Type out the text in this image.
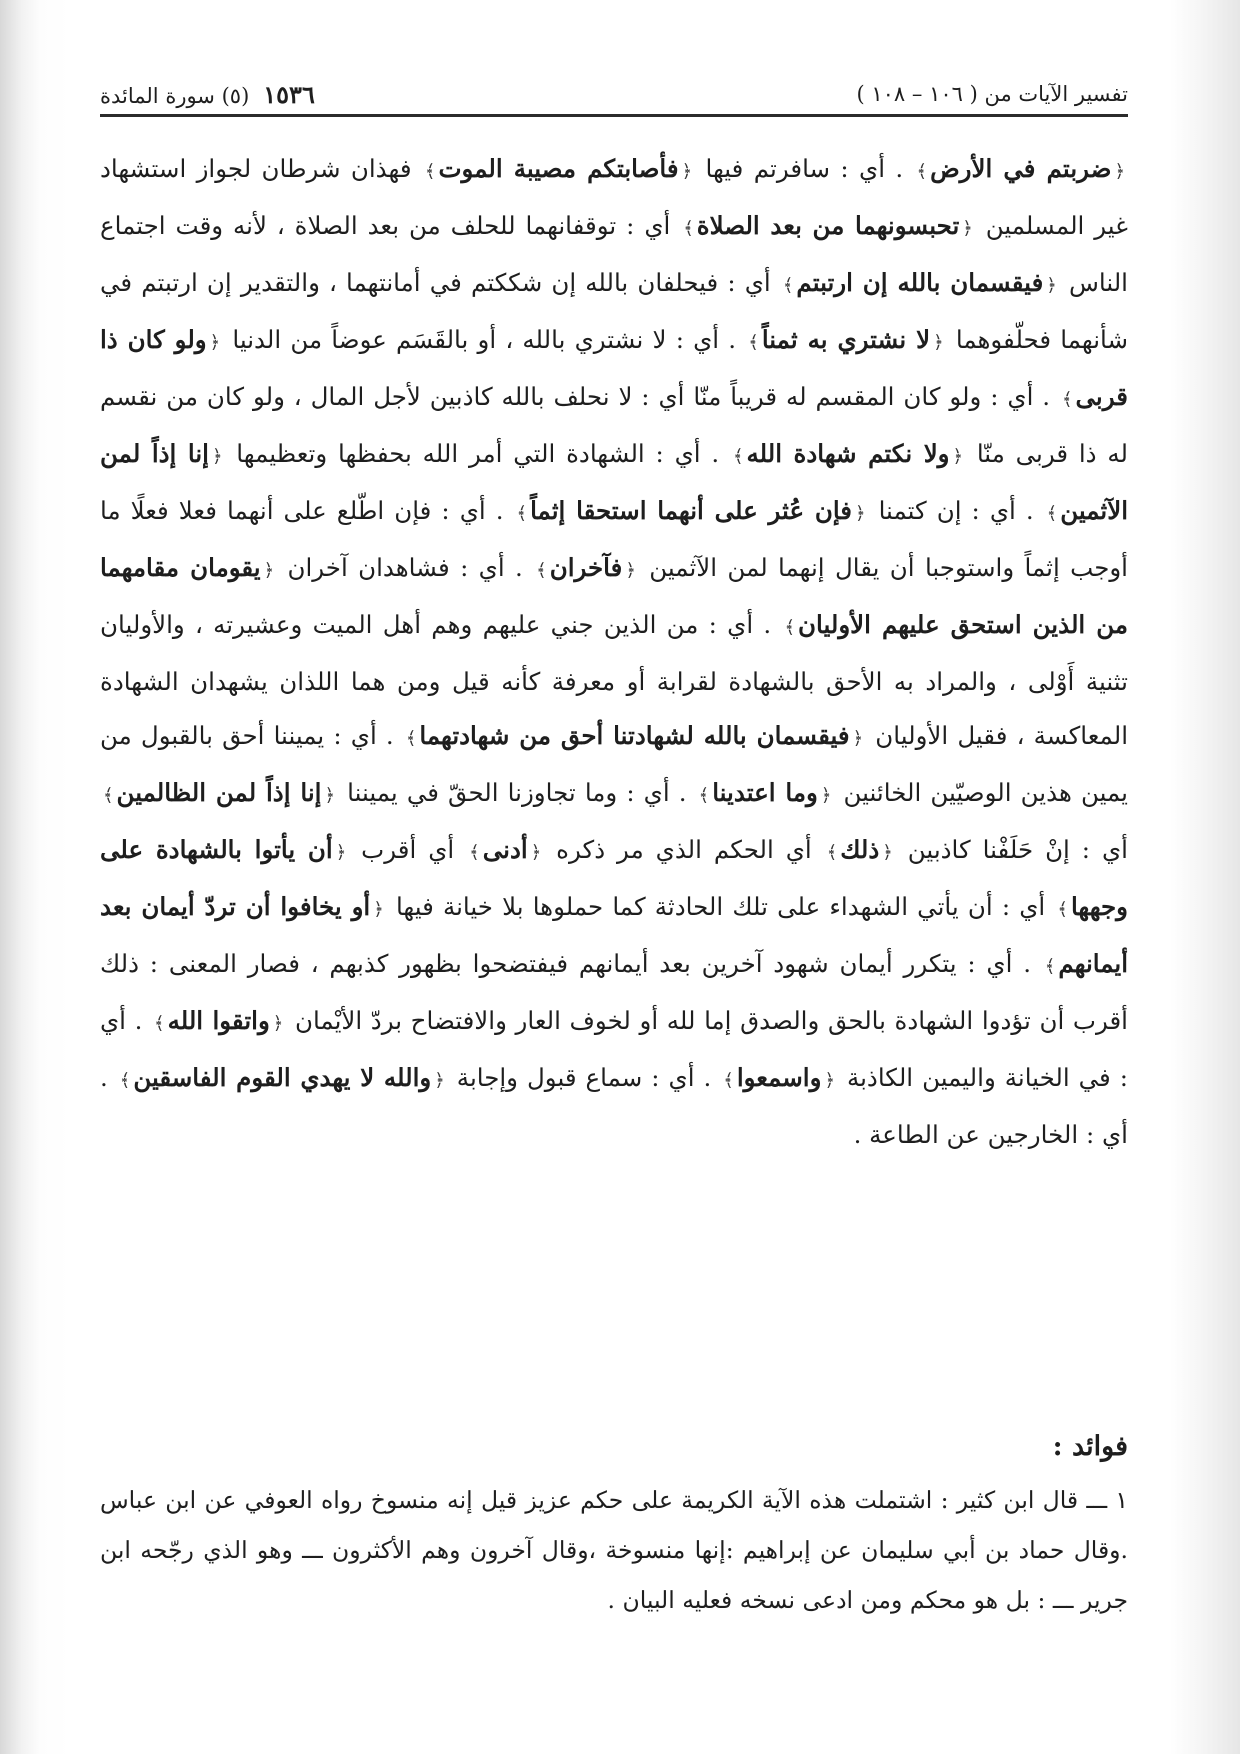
١٥٣٦
(٥) سورة المائدة	تفسير الآيات من ( ١٠٦ – ١٠٨ )

﴿ضربتم في الأرض﴾ . أي : سافرتم فيها ﴿فأصابتكم مصيبة الموت﴾ فهذان شرطان لجواز استشهاد غير المسلمين ﴿تحبسونهما من بعد الصلاة﴾ أي : توقفانهما للحلف من بعد الصلاة ، لأنه وقت اجتماع الناس ﴿فيقسمان بالله إن ارتبتم﴾ أي : فيحلفان بالله إن شككتم في أمانتهما ، والتقدير إن ارتبتم في شأنهما فحلّفوهما ﴿لا نشتري به ثمناً﴾ . أي : لا نشتري بالله ، أو بالقَسَم عوضاً من الدنيا ﴿ولو كان ذا قربى﴾ . أي : ولو كان المقسم له قريباً منّا أي : لا نحلف بالله كاذبين لأجل المال ، ولو كان من نقسم له ذا قربى منّا ﴿ولا نكتم شهادة الله﴾ . أي : الشهادة التي أمر الله بحفظها وتعظيمها ﴿إنا إذاً لمن الآثمين﴾ . أي : إن كتمنا ﴿فإن عُثر على أنهما استحقا إثماً﴾ . أي : فإن اطّلع على أنهما فعلا فعلًا ما أوجب إثماً واستوجبا أن يقال إنهما لمن الآثمين ﴿فآخران﴾ . أي : فشاهدان آخران ﴿يقومان مقامهما من الذين استحق عليهم الأوليان﴾ . أي : من الذين جني عليهم وهم أهل الميت وعشيرته ، والأوليان تثنية أَوْلى ، والمراد به الأحق بالشهادة لقرابة أو معرفة كأنه قيل ومن هما اللذان يشهدان الشهادة المعاكسة ، فقيل الأوليان ﴿فيقسمان بالله لشهادتنا أحق من شهادتهما﴾ . أي : يميننا أحق بالقبول من يمين هذين الوصيّين الخائنين ﴿وما اعتدينا﴾ . أي : وما تجاوزنا الحقّ في يميننا ﴿إنا إذاً لمن الظالمين﴾ أي : إنْ حَلَفْنا كاذبين ﴿ذلك﴾ أي الحكم الذي مر ذكره ﴿أدنى﴾ أي أقرب ﴿أن يأتوا بالشهادة على وجهها﴾ أي : أن يأتي الشهداء على تلك الحادثة كما حملوها بلا خيانة فيها ﴿أو يخافوا أن تردّ أيمان بعد أيمانهم﴾ . أي : يتكرر أيمان شهود آخرين بعد أيمانهم فيفتضحوا بظهور كذبهم ، فصار المعنى : ذلك أقرب أن تؤدوا الشهادة بالحق والصدق إما لله أو لخوف العار والافتضاح بردّ الأيْمان ﴿واتقوا الله﴾ . أي : في الخيانة واليمين الكاذبة ﴿واسمعوا﴾ . أي : سماع قبول وإجابة ﴿والله لا يهدي القوم الفاسقين﴾ . أي : الخارجين عن الطاعة .

فوائد :

١ ـــ قال ابن كثير : اشتملت هذه الآية الكريمة على حكم عزيز قيل إنه منسوخ رواه العوفي عن ابن عباس .وقال حماد بن أبي سليمان عن إبراهيم :إنها منسوخة ،وقال آخرون وهم الأكثرون ـــ وهو الذي رجّحه ابن جرير ـــ : بل هو محكم ومن ادعى نسخه فعليه البيان .
